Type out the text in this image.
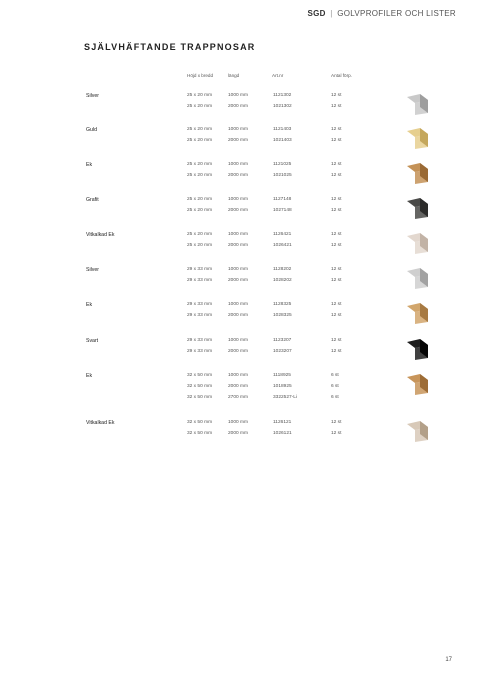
SGD | GOLVPROFILER OCH LISTER
SJÄLVHÄFTANDE TRAPPNOSAR
Höjd x bredd	längd	Art.nr	Antal förp.
Silver	25 x 20 mm	1000 mm	1121302	12 st
25 x 20 mm	2000 mm	1021302	12 st
Guld	25 x 20 mm	1000 mm	1121403	12 st
25 x 20 mm	2000 mm	1021403	12 st
Ek	25 x 20 mm	1000 mm	1121025	12 st
25 x 20 mm	2000 mm	1021025	12 st
Grafit	25 x 20 mm	1000 mm	1127148	12 st
25 x 20 mm	2000 mm	1027148	12 st
Vitkalkad Ek	25 x 20 mm	1000 mm	1126421	12 st
25 x 20 mm	2000 mm	1026421	12 st
Silver	29 x 33 mm	1000 mm	1128202	12 st
29 x 33 mm	2000 mm	1028202	12 st
Ek	29 x 33 mm	1000 mm	1128325	12 st
29 x 33 mm	2000 mm	1028325	12 st
Svart	29 x 33 mm	1000 mm	1123207	12 st
29 x 33 mm	2000 mm	1023207	12 st
Ek	32 x 50 mm	1000 mm	1118925	6 st
32 x 50 mm	2000 mm	1018925	6 st
32 x 50 mm	2700 mm	3322527-Li	6 st
Vitkalkad Ek	32 x 50 mm	1000 mm	1126121	12 st
32 x 50 mm	2000 mm	1026121	12 st
17
